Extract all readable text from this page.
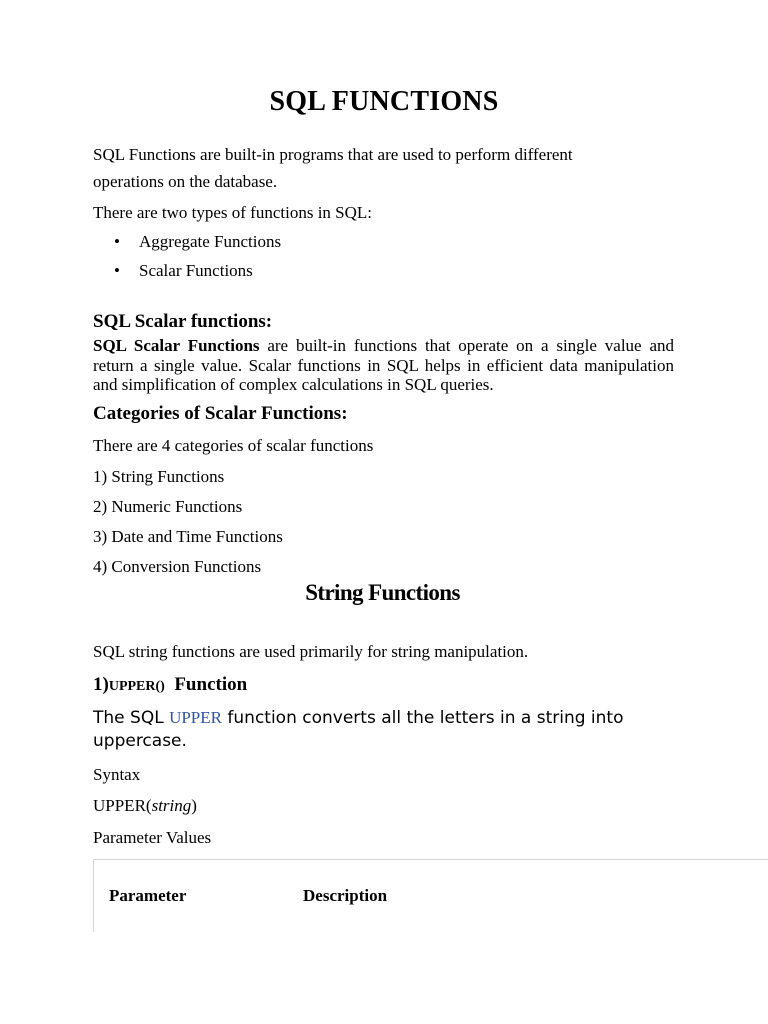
SQL FUNCTIONS

SQL Functions are built-in programs that are used to perform different

operations on the database.

There are two types of functions in SQL:

• Aggregate Functions
• Scalar Functions
SQL Scalar functions:

SQL Scalar Functions are built-in functions that operate on a single value and return a single value. Scalar functions in SQL helps in efficient data manipulation and simplification of complex calculations in SQL queries.

Categories of Scalar Functions:

There are 4 categories of scalar functions

1) String Functions

2) Numeric Functions

3) Date and Time Functions

4) Conversion Functions

String Functions

SQL string functions are used primarily for string manipulation.

1)UPPER() Function

The SQL UPPER function converts all the letters in a string into uppercase.

Syntax

UPPER(string)

Parameter Values

Parameter	Description
